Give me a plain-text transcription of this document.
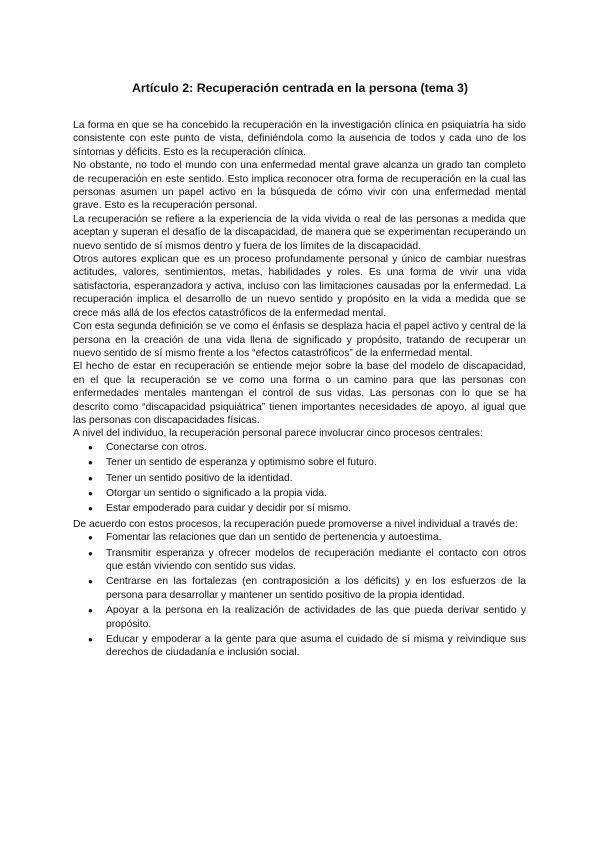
Artículo 2: Recuperación centrada en la persona (tema 3)

La forma en que se ha concebido la recuperación en la investigación clínica en psiquiatría ha sido consistente con este punto de vista, definiéndola como la ausencia de todos y cada uno de los síntomas y déficits. Esto es la recuperación clínica.

No obstante, no todo el mundo con una enfermedad mental grave alcanza un grado tan completo de recuperación en este sentido. Esto implica reconocer otra forma de recuperación en la cual las personas asumen un papel activo en la búsqueda de cómo vivir con una enfermedad mental grave. Esto es la recuperación personal.

La recuperación se refiere a la experiencia de la vida vivida o real de las personas a medida que aceptan y superan el desafío de la discapacidad, de manera que se experimentan recuperando un nuevo sentido de sí mismos dentro y fuera de los límites de la discapacidad.

Otros autores explican que es un proceso profundamente personal y único de cambiar nuestras actitudes, valores, sentimientos, metas, habilidades y roles. Es una forma de vivir una vida satisfactoria, esperanzadora y activa, incluso con las limitaciones causadas por la enfermedad. La recuperación implica el desarrollo de un nuevo sentido y propósito en la vida a medida que se crece más allá de los efectos catastróficos de la enfermedad mental.

Con esta segunda definición se ve como el énfasis se desplaza hacia el papel activo y central de la persona en la creación de una vida llena de significado y propósito, tratando de recuperar un nuevo sentido de sí mismo frente a los “efectos catastróficos” de la enfermedad mental.

El hecho de estar en recuperación se entiende mejor sobre la base del modelo de discapacidad, en el que la recuperación se ve como una forma o un camino para que las personas con enfermedades mentales mantengan el control de sus vidas. Las personas con lo que se ha descrito como “discapacidad psiquiátrica” tienen importantes necesidades de apoyo, al igual que las personas con discapacidades físicas.

A nivel del individuo, la recuperación personal parece involucrar cinco procesos centrales:

● Conectarse con otros.
● Tener un sentido de esperanza y optimismo sobre el futuro.
● Tener un sentido positivo de la identidad.
● Otorgar un sentido o significado a la propia vida.
● Estar empoderado para cuidar y decidir por sí mismo.

De acuerdo con estos procesos, la recuperación puede promoverse a nivel individual a través de:

● Fomentar las relaciones que dan un sentido de pertenencia y autoestima.
● Transmitir esperanza y ofrecer modelos de recuperación mediante el contacto con otros que están viviendo con sentido sus vidas.
● Centrarse en las fortalezas (en contraposición a los déficits) y en los esfuerzos de la persona para desarrollar y mantener un sentido positivo de la propia identidad.
● Apoyar a la persona en la realización de actividades de las que pueda derivar sentido y propósito.
● Educar y empoderar a la gente para que asuma el cuidado de sí misma y reivindique sus derechos de ciudadanía e inclusión social.
